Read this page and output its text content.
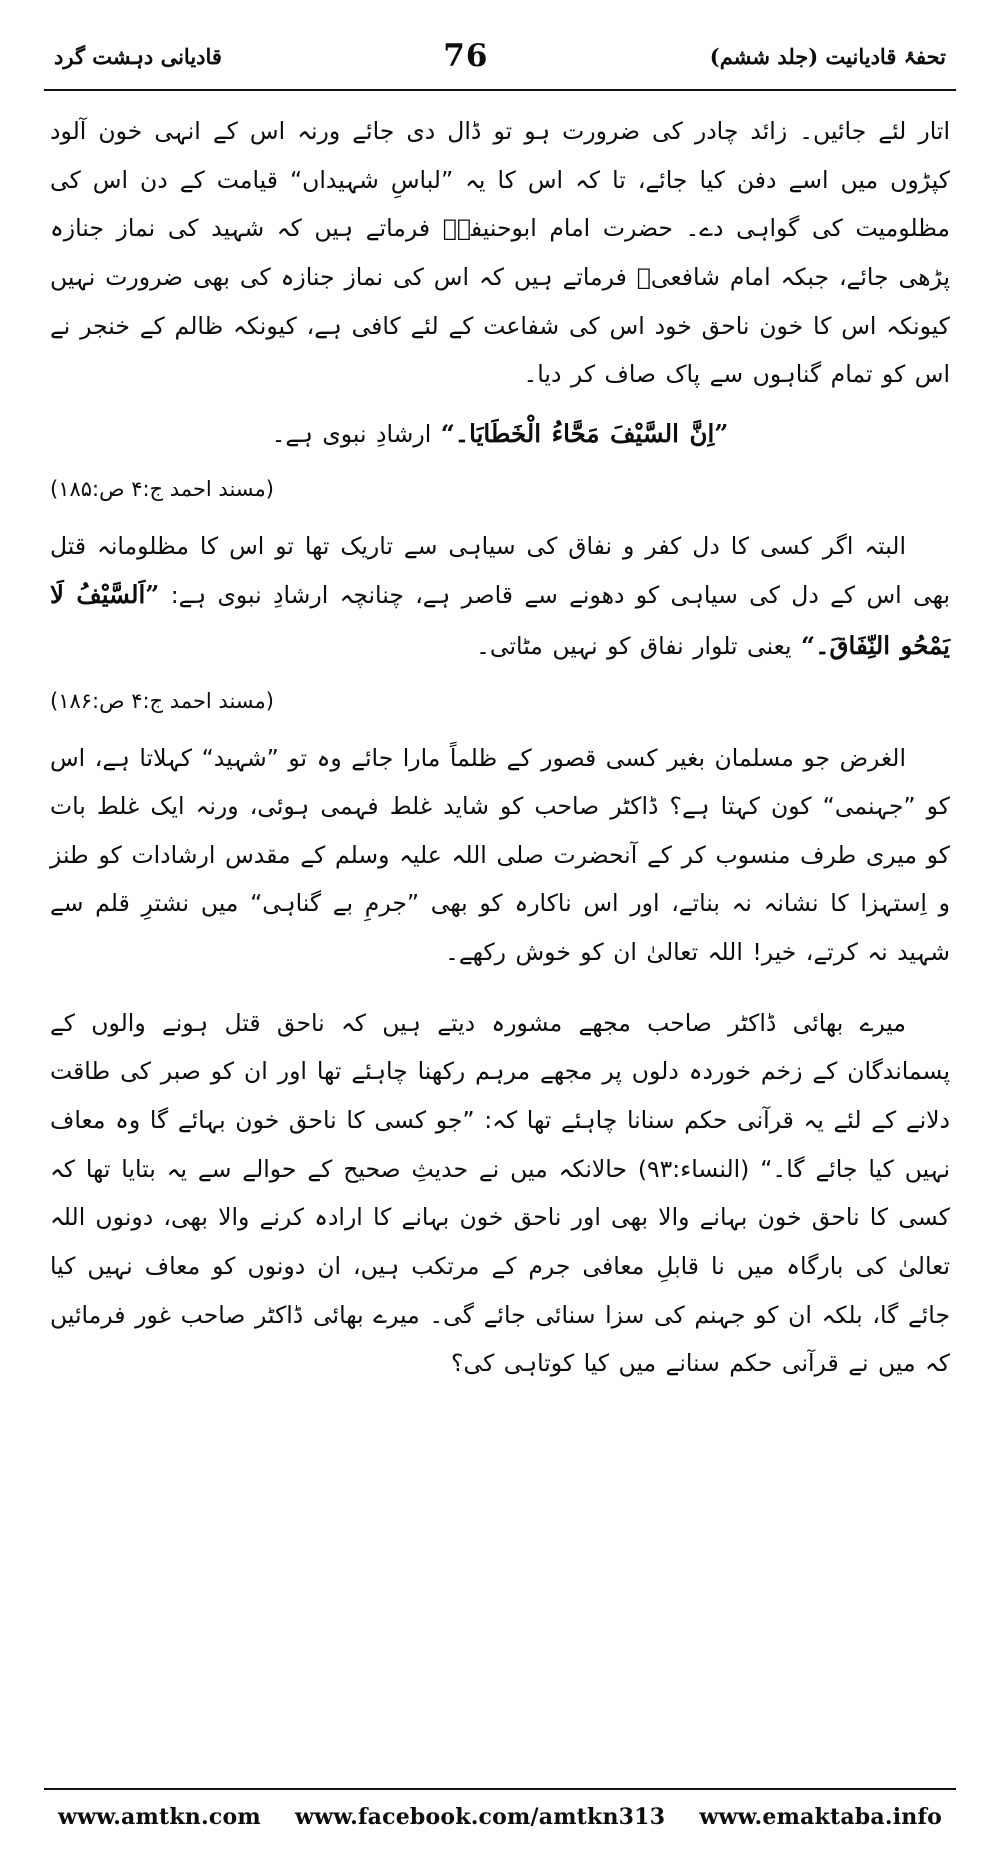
قادیانی دہشت گرد	76	تحفۂ قادیانیت (جلد ششم)

اتار لئے جائیں۔ زائد چادر کی ضرورت ہو تو ڈال دی جائے ورنہ اس کے انہی خون آلود کپڑوں میں اسے دفن کیا جائے، تا کہ اس کا یہ ”لباسِ شہیداں“ قیامت کے دن اس کی مظلومیت کی گواہی دے۔ حضرت امام ابوحنیفہؒ فرماتے ہیں کہ شہید کی نماز جنازہ پڑھی جائے، جبکہ امام شافعیؒ فرماتے ہیں کہ اس کی نماز جنازہ کی بھی ضرورت نہیں کیونکہ اس کا خون ناحق خود اس کی شفاعت کے لئے کافی ہے، کیونکہ ظالم کے خنجر نے اس کو تمام گناہوں سے پاک صاف کر دیا۔

”اِنَّ السَّیْفَ مَحَّاءُ الْخَطَایَا۔“ ارشادِ نبوی ہے۔

(مسند احمد ج:۴ ص:۱۸۵)

البتہ اگر کسی کا دل کفر و نفاق کی سیاہی سے تاریک تھا تو اس کا مظلومانہ قتل بھی اس کے دل کی سیاہی کو دھونے سے قاصر ہے، چنانچہ ارشادِ نبوی ہے: ”اَلسَّیْفُ لَا یَمْحُو النِّفَاقَ۔“ یعنی تلوار نفاق کو نہیں مٹاتی۔

(مسند احمد ج:۴ ص:۱۸۶)

الغرض جو مسلمان بغیر کسی قصور کے ظلماً مارا جائے وہ تو ”شہید“ کہلاتا ہے، اس کو ”جہنمی“ کون کہتا ہے؟ ڈاکٹر صاحب کو شاید غلط فہمی ہوئی، ورنہ ایک غلط بات کو میری طرف منسوب کر کے آنحضرت صلی اللہ علیہ وسلم کے مقدس ارشادات کو طنز و اِستہزا کا نشانہ نہ بناتے، اور اس ناکارہ کو بھی ”جرمِ بے گناہی“ میں نشترِ قلم سے شہید نہ کرتے، خیر! اللہ تعالیٰ ان کو خوش رکھے۔

میرے بھائی ڈاکٹر صاحب مجھے مشورہ دیتے ہیں کہ ناحق قتل ہونے والوں کے پسماندگان کے زخم خوردہ دلوں پر مجھے مرہم رکھنا چاہئے تھا اور ان کو صبر کی طاقت دلانے کے لئے یہ قرآنی حکم سنانا چاہئے تھا کہ: ”جو کسی کا ناحق خون بہائے گا وہ معاف نہیں کیا جائے گا۔“ (النساء:۹۳) حالانکہ میں نے حدیثِ صحیح کے حوالے سے یہ بتایا تھا کہ کسی کا ناحق خون بہانے والا بھی اور ناحق خون بہانے کا ارادہ کرنے والا بھی، دونوں اللہ تعالیٰ کی بارگاہ میں نا قابلِ معافی جرم کے مرتکب ہیں، ان دونوں کو معاف نہیں کیا جائے گا، بلکہ ان کو جہنم کی سزا سنائی جائے گی۔ میرے بھائی ڈاکٹر صاحب غور فرمائیں کہ میں نے قرآنی حکم سنانے میں کیا کوتاہی کی؟

www.amtkn.com www.facebook.com/amtkn313 www.emaktaba.info
